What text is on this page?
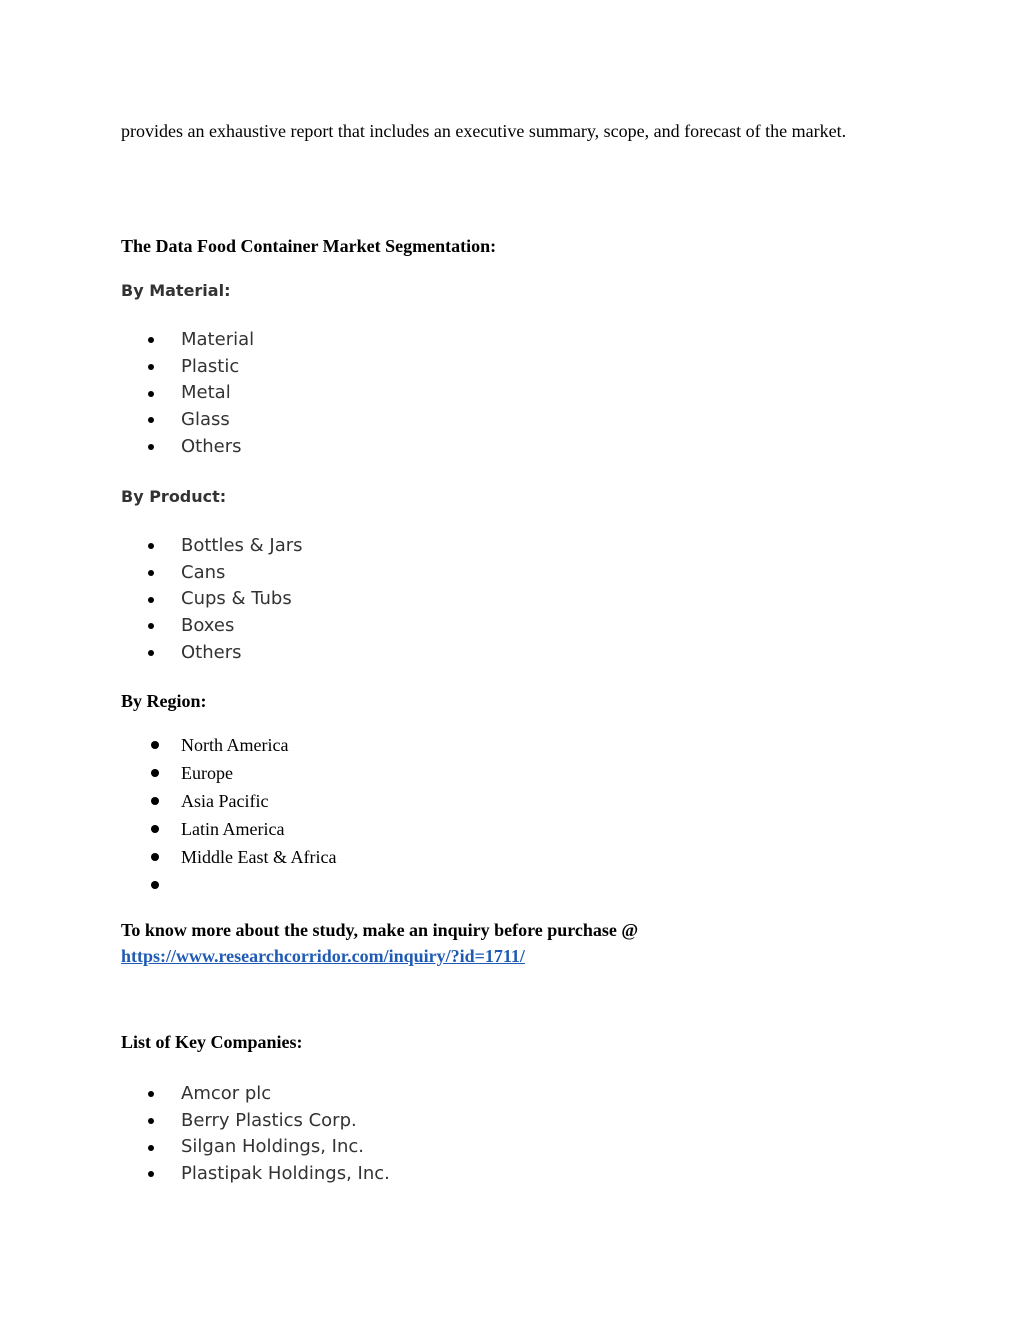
provides an exhaustive report that includes an executive summary, scope, and forecast of the market.

The Data Food Container Market Segmentation:
By Material:
Material
Plastic
Metal
Glass
Others
By Product:
Bottles & Jars
Cans
Cups & Tubs
Boxes
Others
By Region:
North America
Europe
Asia Pacific
Latin America
Middle East & Africa

To know more about the study, make an inquiry before purchase @
https://www.researchcorridor.com/inquiry/?id=1711/

List of Key Companies:
Amcor plc
Berry Plastics Corp.
Silgan Holdings, Inc.
Plastipak Holdings, Inc.
